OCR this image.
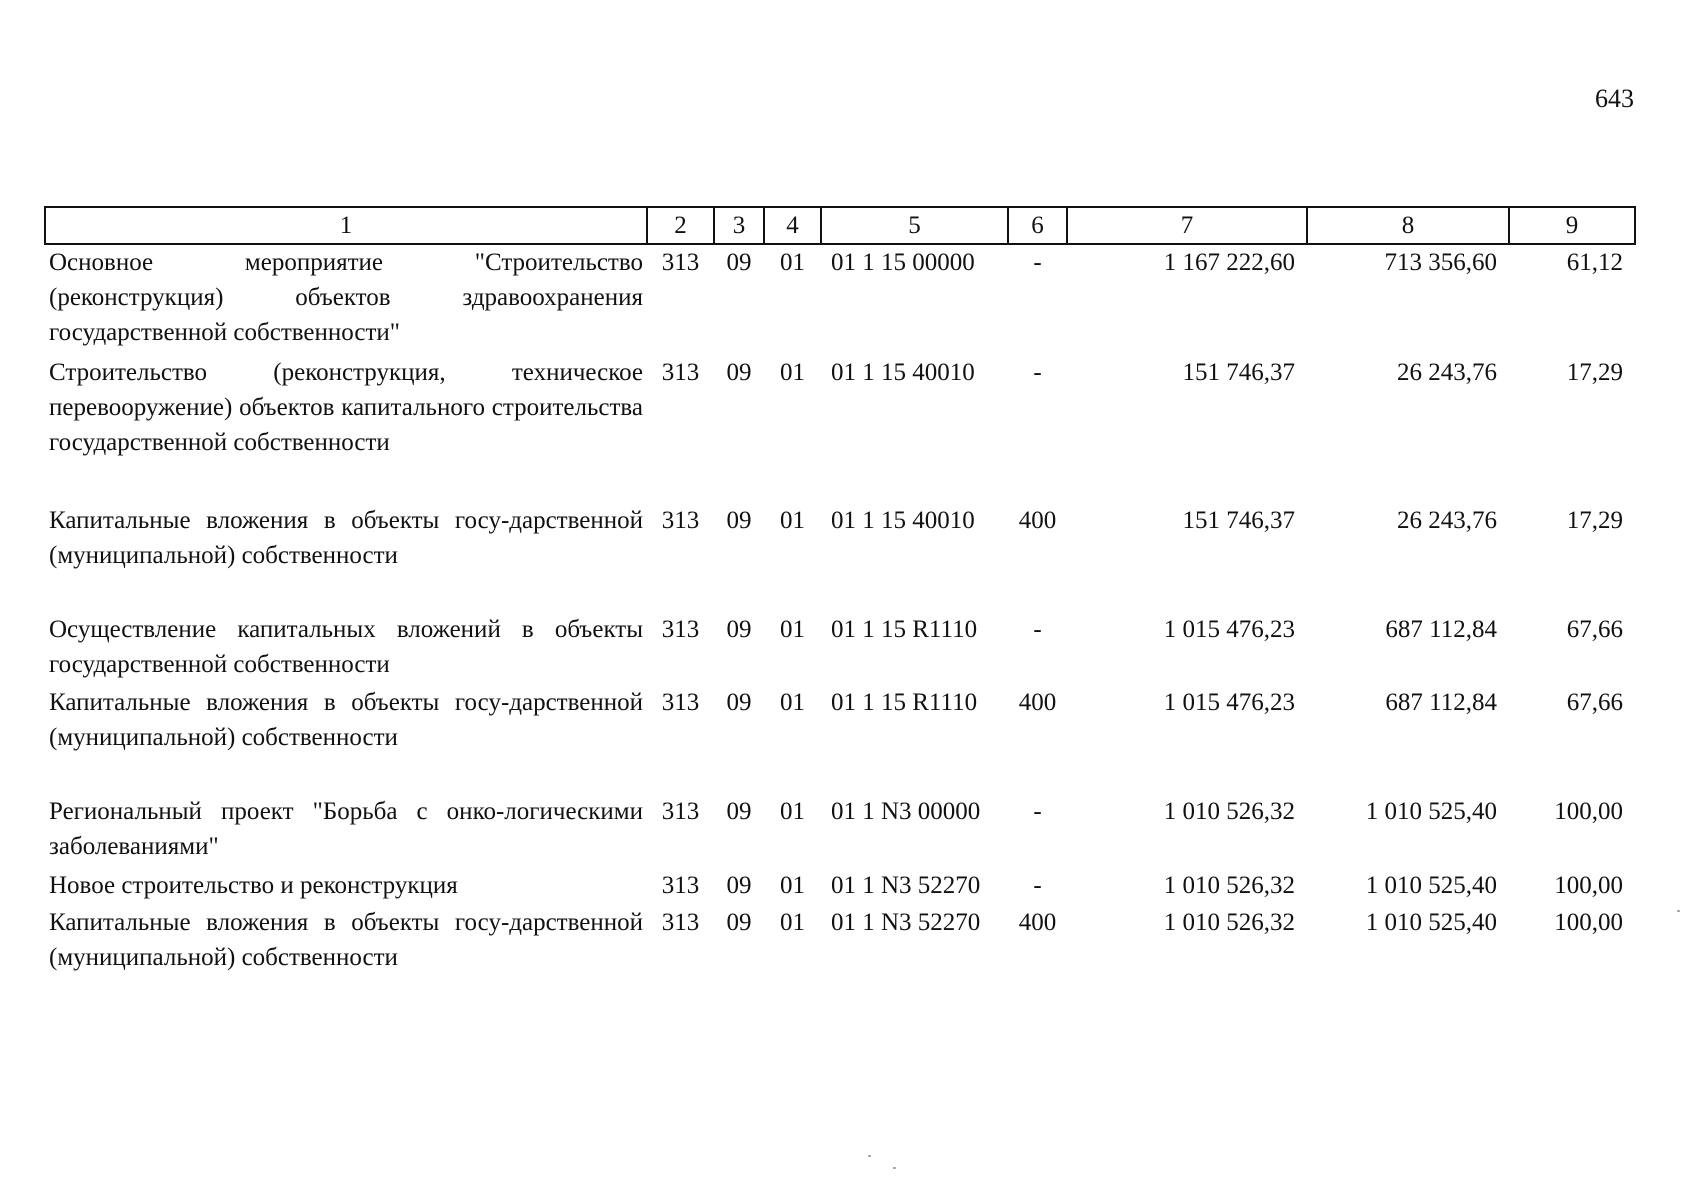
643
1	2	3	4	5	6	7	8	9
Основное мероприятие "Строительство (реконструкция) объектов здравоохранения государственной собственности"	313	09	01	01 1 15 00000	-	1 167 222,60	713 356,60	61,12
Строительство (реконструкция, техническое перевооружение) объектов капитального строительства государственной собственности	313	09	01	01 1 15 40010	-	151 746,37	26 243,76	17,29
Капитальные вложения в объекты госу-дарственной (муниципальной) собственности	313	09	01	01 1 15 40010	400	151 746,37	26 243,76	17,29
Осуществление капитальных вложений в объекты государственной собственности	313	09	01	01 1 15 R1110	-	1 015 476,23	687 112,84	67,66
Капитальные вложения в объекты госу-дарственной (муниципальной) собственности	313	09	01	01 1 15 R1110	400	1 015 476,23	687 112,84	67,66
Региональный проект "Борьба с онко-логическими заболеваниями"	313	09	01	01 1 N3 00000	-	1 010 526,32	1 010 525,40	100,00
Новое строительство и реконструкция	313	09	01	01 1 N3 52270	-	1 010 526,32	1 010 525,40	100,00
Капитальные вложения в объекты госу-дарственной (муниципальной) собственности	313	09	01	01 1 N3 52270	400	1 010 526,32	1 010 525,40	100,00
